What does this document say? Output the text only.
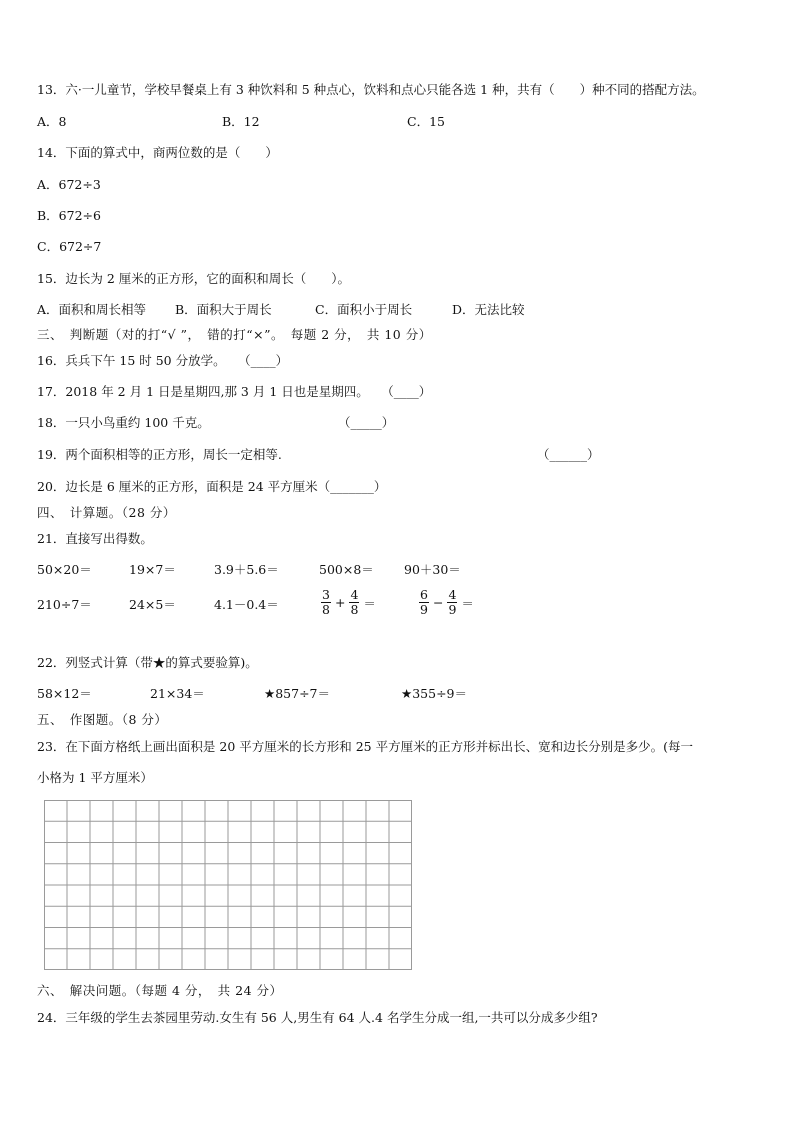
13．六·一儿童节，学校早餐桌上有 3 种饮料和 5 种点心，饮料和点心只能各选 1 种，共有（　　）种不同的搭配方法。
A．8	B．12	C．15
14．下面的算式中，商两位数的是（　　）
A．672÷3
B．672÷6
C．672÷7
15．边长为 2 厘米的正方形，它的面积和周长（　　）。
A．面积和周长相等 B．面积大于周长	C．面积小于周长	D．无法比较
三、　判断题（对的打“√ ”，　错的打“×”。　每题 2 分，　共 10 分）
16．兵兵下午 15 时 50 分放学。　　（____）
17．2018 年 2 月 1 日是星期四,那 3 月 1 日也是星期四。　　（____）
18．一只小鸟重约 100 千克。	（_____）
19．两个面积相等的正方形，周长一定相等.	（______）
20．边长是 6 厘米的正方形，面积是 24 平方厘米（_______）
四、　计算题。（28 分）
21．直接写出得数。
50×20＝	19×7＝	3.9＋5.6＝	500×8＝ 90＋30＝
210÷7＝	24×5＝	4.1－0.4＝	$\frac{3}{8} + \frac{4}{8}$ ＝	$\frac{6}{9} - \frac{4}{9}$ ＝
22．列竖式计算（带★的算式要验算)。
58×12＝	21×34＝	★857÷7＝	★355÷9＝
五、　作图题。（8 分）
23．在下面方格纸上画出面积是 20 平方厘米的长方形和 25 平方厘米的正方形并标出长、宽和边长分别是多少。(每一
小格为 1 平方厘米）
六、　解决问题。（每题 4 分，　共 24 分）
24．三年级的学生去茶园里劳动.女生有 56 人,男生有 64 人.4 名学生分成一组,一共可以分成多少组?
